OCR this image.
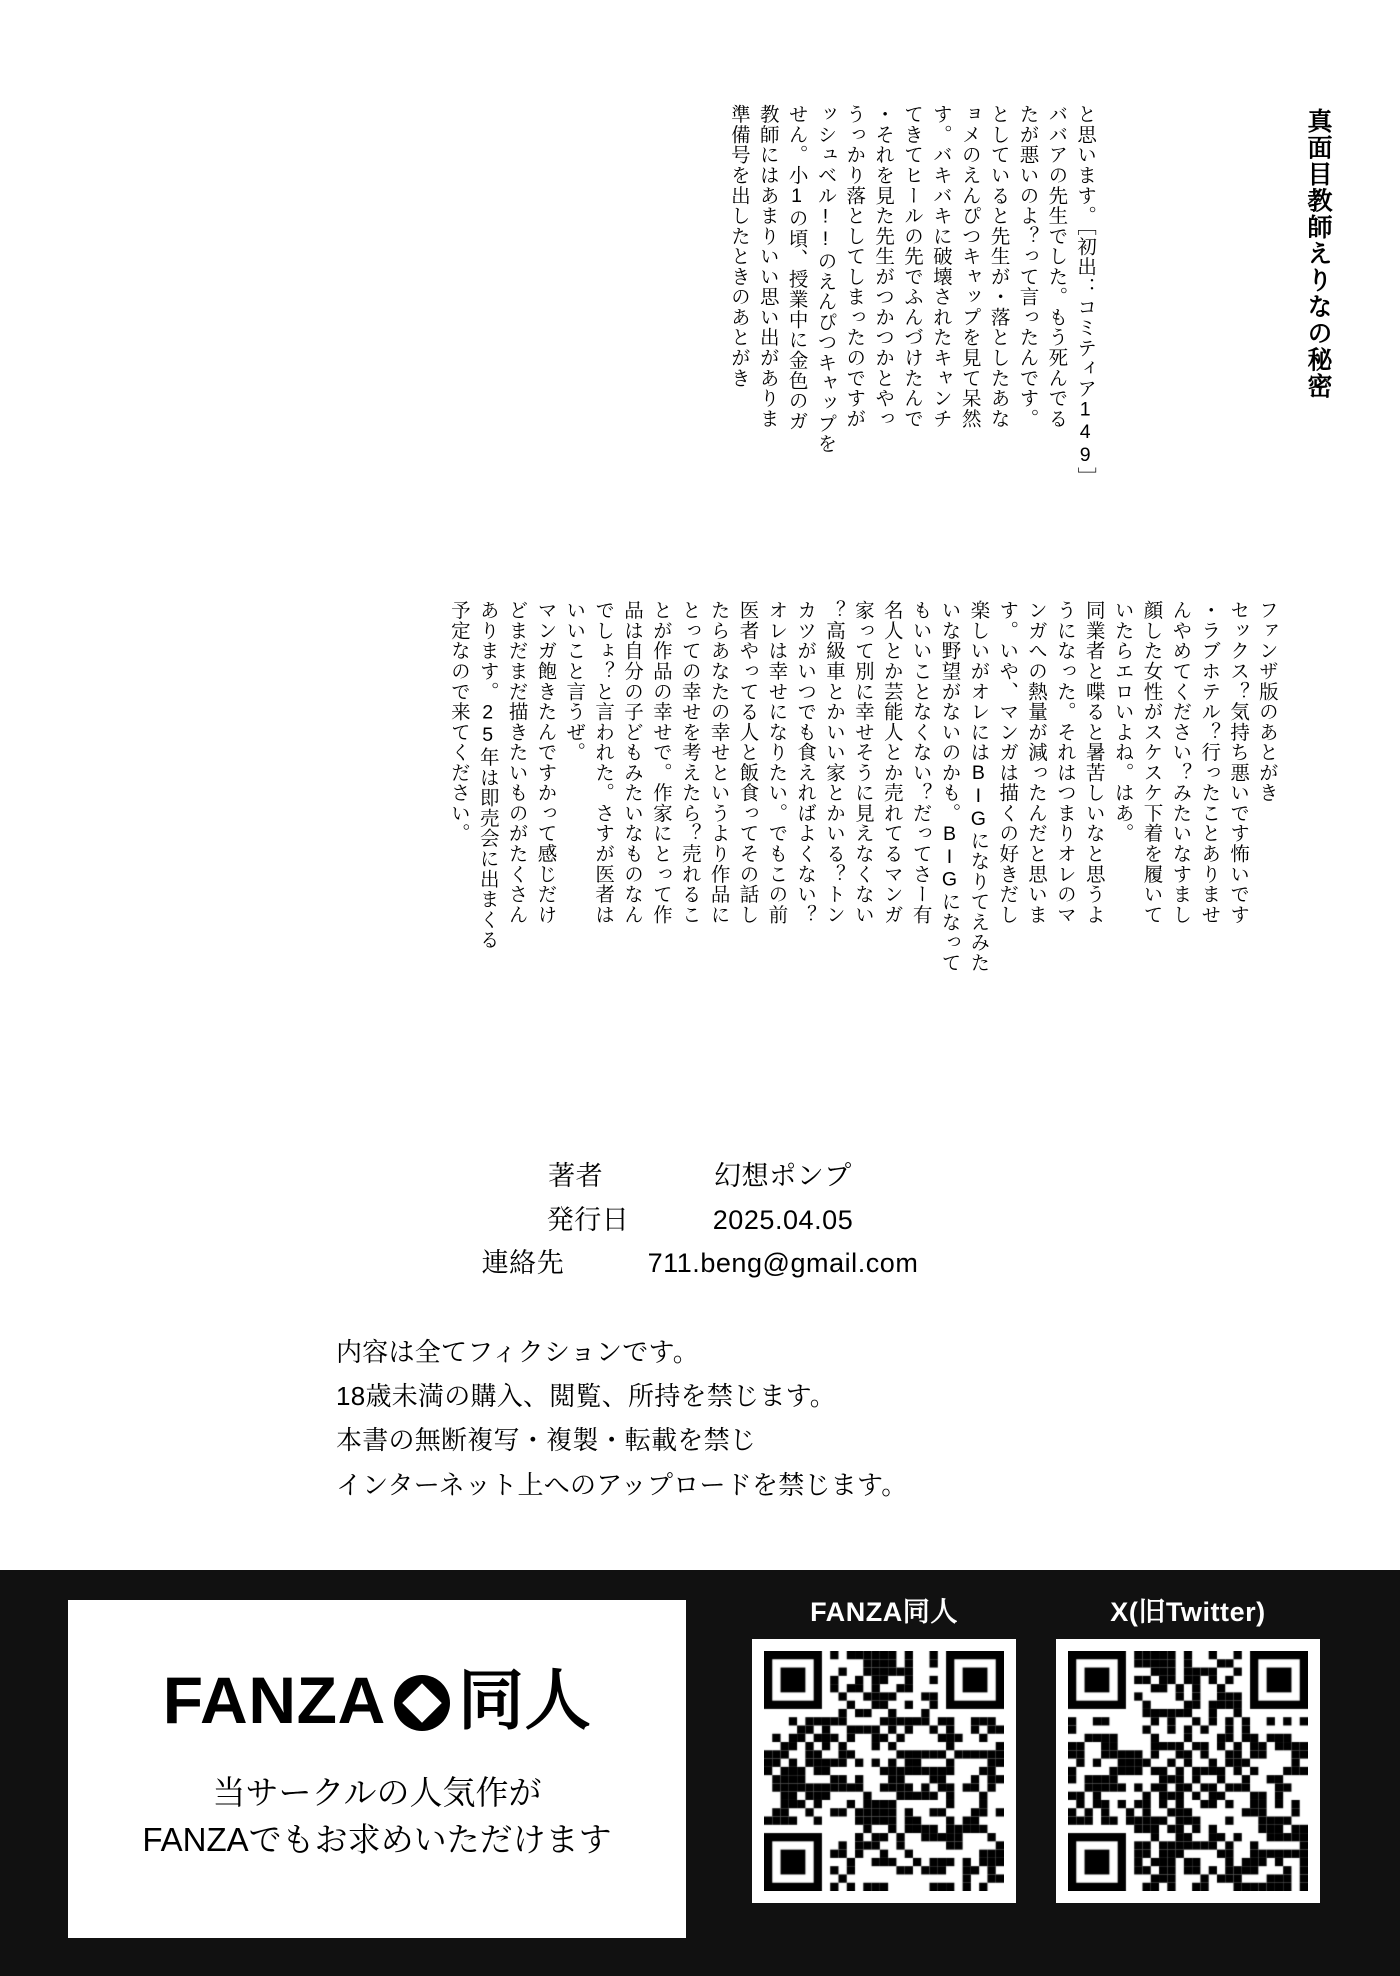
真面目教師えりなの秘密
と思います。［初出：コミティア149］
ババアの先生でした。もう死んでる
たが悪いのよ？って言ったんです。
としていると先生が・落としたあな
ョメのえんぴつキャップを見て呆然
す。バキバキに破壊されたキャンチ
てきてヒールの先でふんづけたんで
・それを見た先生がつかつかとやっ
うっかり落としてしまったのですが
ッシュベル!!のえんぴつキャップを
せん。小1の頃、授業中に金色のガ
教師にはあまりいい思い出がありま
準備号を出したときのあとがき
ファンザ版のあとがき
セックス？気持ち悪いです怖いです
・ラブホテル？行ったことありませ
んやめてください？みたいなすまし
顔した女性がスケスケ下着を履いて
いたらエロいよね。はあ。
同業者と喋ると暑苦しいなと思うよ
うになった。それはつまりオレのマ
ンガへの熱量が減ったんだと思いま
す。いや、マンガは描くの好きだし
楽しいがオレにはBIGになりてえみた
いな野望がないのかも。BIGになって
もいいことなくない？だってさー有
名人とか芸能人とか売れてるマンガ
家って別に幸せそうに見えなくない
？高級車とかいい家とかいる？トン
カツがいつでも食えればよくない？
オレは幸せになりたい。でもこの前
医者やってる人と飯食ってその話し
たらあなたの幸せというより作品に
とっての幸せを考えたら？売れるこ
とが作品の幸せで。作家にとって作
品は自分の子どもみたいなものなん
でしょ？と言われた。さすが医者は
いいこと言うぜ。
マンガ飽きたんですかって感じだけ
どまだまだ描きたいものがたくさん
あります。25年は即売会に出まくる
予定なので来てください。
著者	幻想ポンプ
発行日	2025.04.05
連絡先	711.beng@gmail.com
内容は全てフィクションです。
18歳未満の購入、閲覧、所持を禁じます。
本書の無断複写・複製・転載を禁じ
インターネット上へのアップロードを禁じます。
FANZA 同人
当サークルの人気作が
FANZAでもお求めいただけます
FANZA同人	X(旧Twitter)
